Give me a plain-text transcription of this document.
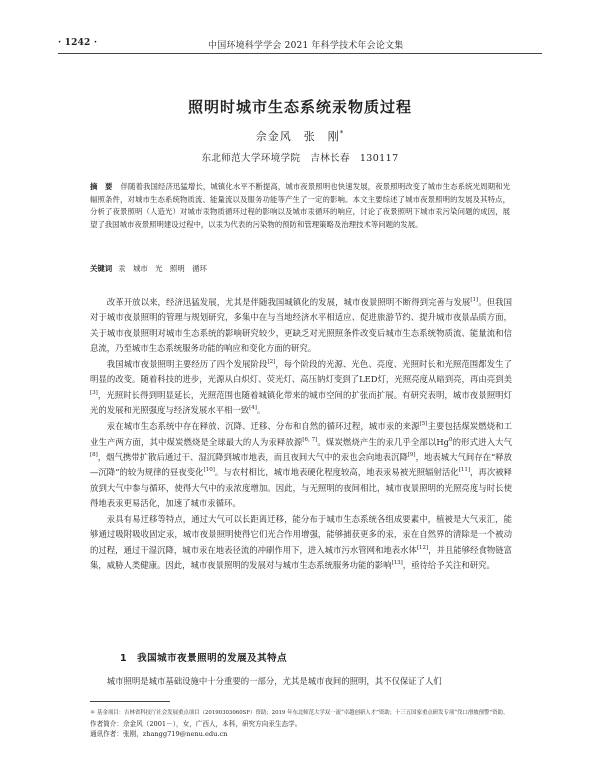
· 1242 ·	中国环境科学学会 2021 年科学技术年会论文集
照明时城市生态系统汞物质过程
佘金风　张　刚*
东北师范大学环境学院　吉林长春　130117
摘　要 伴随着我国经济迅猛增长，城镇化水平不断提高，城市夜景照明也快速发展，夜景照明改变了城市生态系统光周期和光辐照条件，对城市生态系统物质流、能量流以及服务功能等产生了一定的影响。本文主要综述了城市夜景照明的发展及其特点，分析了夜景照明（人造光）对城市汞物质循环过程的影响以及城市汞循环的响应，讨论了夜景照明下城市汞污染问题的成因，展望了我国城市夜景照明建设过程中，以汞为代表的污染物的预防和管理策略及治理技术等问题的发展。
关键词 汞　城市　光　照明　循环

改革开放以来，经济迅猛发展，尤其是伴随我国城镇化的发展，城市夜景照明不断得到完善与发展[1]。但我国对于城市夜景照明的管理与规划研究，多集中在与当地经济水平相适应、促进旅游节约、提升城市夜景品质方面，关于城市夜景照明对城市生态系统的影响研究较少，更缺乏对光照照条件改变后城市生态系统物质流、能量流和信息流，乃至城市生态系统服务功能的响应和变化方面的研究。

我国城市夜景照明主要经历了四个发展阶段[2]，每个阶段的光源、光色、亮度、光照时长和光照范围都发生了明显的改变。随着科技的进步，光源从白炽灯、荧光灯、高压钠灯变到了LED灯，光照亮度从暗到亮，再由亮到美[3]，光照时长得到明显延长，光照范围也随着城镇化带来的城市空间的扩张而扩展。有研究表明，城市夜景照明灯光的发展和光照强度与经济发展水平相一致[4]。

汞在城市生态系统中存在释放、沉降、迁移、分布和自然的循环过程，城市汞的来源[5]主要包括煤炭燃烧和工业生产两方面，其中煤炭燃烧是全球最大的人为汞释放源[6, 7]。煤炭燃烧产生的汞几乎全部以Hg$^0$的形式进入大气[8]，烟气携带扩散后通过干、湿沉降到城市地表，而且夜间大气中的汞也会向地表沉降[9]，地表城大气间存在“释放—沉降”的较为规律的昼夜变化[10]。与农村相比，城市地表硬化程度较高，地表汞易被光照辐射活化[11]，再次被释放到大气中参与循环，使得大气中的汞浓度增加。因此，与无照明的夜间相比，城市夜景照明的光照亮度与时长使得地表汞更易活化，加速了城市汞循环。

汞具有易迁移等特点，通过大气可以长距离迁移，能分布于城市生态系统各组成要素中，植被是大气汞汇，能够通过吸附吸收固定汞，城市夜景照明使得它们光合作用增强，能够捕获更多的汞，汞在自然界的清除是一个被动的过程，通过干湿沉降，城市汞在地表径流的冲刷作用下，进入城市污水管网和地表水体[12]，并且能够经食物链富集，威胁人类健康。因此，城市夜景照明的发展对与城市生态系统服务功能的影响[13]，亟待给予关注和研究。

1　我国城市夜景照明的发展及其特点
城市照明是城市基础设施中十分重要的一部分，尤其是城市夜间的照明，其不仅保证了人们
＊ 基金项目：吉林省科技厅社会发展重点项目（20190303060SF）资助；2019 年东北师范大学双一流“卓越创新人才”资助；十三五国家重点研发专项“伐口滑坡预警”资助。
作者简介：佘金风（2001－），女，广西人，本科，研究方向汞生态学。
通讯作者：张刚，zhangg719@nenu.edu.cn
